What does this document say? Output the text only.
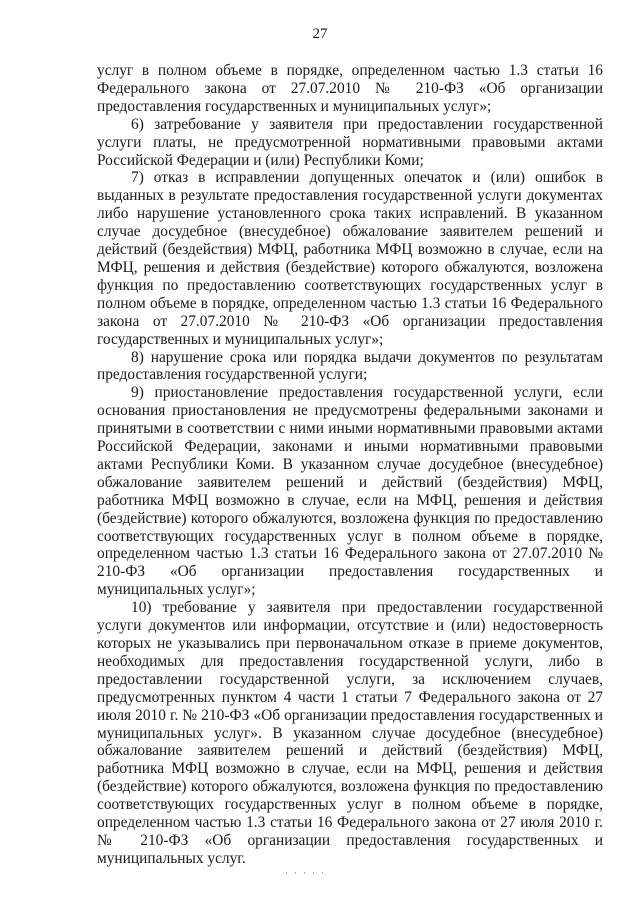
27

услуг в полном объеме в порядке, определенном частью 1.3 статьи 16 Федерального закона от 27.07.2010 № 210-ФЗ «Об организации предоставления государственных и муниципальных услуг»;

6) затребование у заявителя при предоставлении государственной услуги платы, не предусмотренной нормативными правовыми актами Российской Федерации и (или) Республики Коми;

7) отказ в исправлении допущенных опечаток и (или) ошибок в выданных в результате предоставления государственной услуги документах либо нарушение установленного срока таких исправлений. В указанном случае досудебное (внесудебное) обжалование заявителем решений и действий (бездействия) МФЦ, работника МФЦ возможно в случае, если на МФЦ, решения и действия (бездействие) которого обжалуются, возложена функция по предоставлению соответствующих государственных услуг в полном объеме в порядке, определенном частью 1.3 статьи 16 Федерального закона от 27.07.2010 № 210-ФЗ «Об организации предоставления государственных и муниципальных услуг»;

8) нарушение срока или порядка выдачи документов по результатам предоставления государственной услуги;

9) приостановление предоставления государственной услуги, если основания приостановления не предусмотрены федеральными законами и принятыми в соответствии с ними иными нормативными правовыми актами Российской Федерации, законами и иными нормативными правовыми актами Республики Коми. В указанном случае досудебное (внесудебное) обжалование заявителем решений и действий (бездействия) МФЦ, работника МФЦ возможно в случае, если на МФЦ, решения и действия (бездействие) которого обжалуются, возложена функция по предоставлению соответствующих государственных услуг в полном объеме в порядке, определенном частью 1.3 статьи 16 Федерального закона от 27.07.2010 № 210-ФЗ «Об организации предоставления государственных и муниципальных услуг»;

10) требование у заявителя при предоставлении государственной услуги документов или информации, отсутствие и (или) недостоверность которых не указывались при первоначальном отказе в приеме документов, необходимых для предоставления государственной услуги, либо в предоставлении государственной услуги, за исключением случаев, предусмотренных пунктом 4 части 1 статьи 7 Федерального закона от 27 июля 2010 г. № 210-ФЗ «Об организации предоставления государственных и муниципальных услуг». В указанном случае досудебное (внесудебное) обжалование заявителем решений и действий (бездействия) МФЦ, работника МФЦ возможно в случае, если на МФЦ, решения и действия (бездействие) которого обжалуются, возложена функция по предоставлению соответствующих государственных услуг в полном объеме в порядке, определенном частью 1.3 статьи 16 Федерального закона от 27 июля 2010 г. № 210-ФЗ «Об организации предоставления государственных и муниципальных услуг.

·····
